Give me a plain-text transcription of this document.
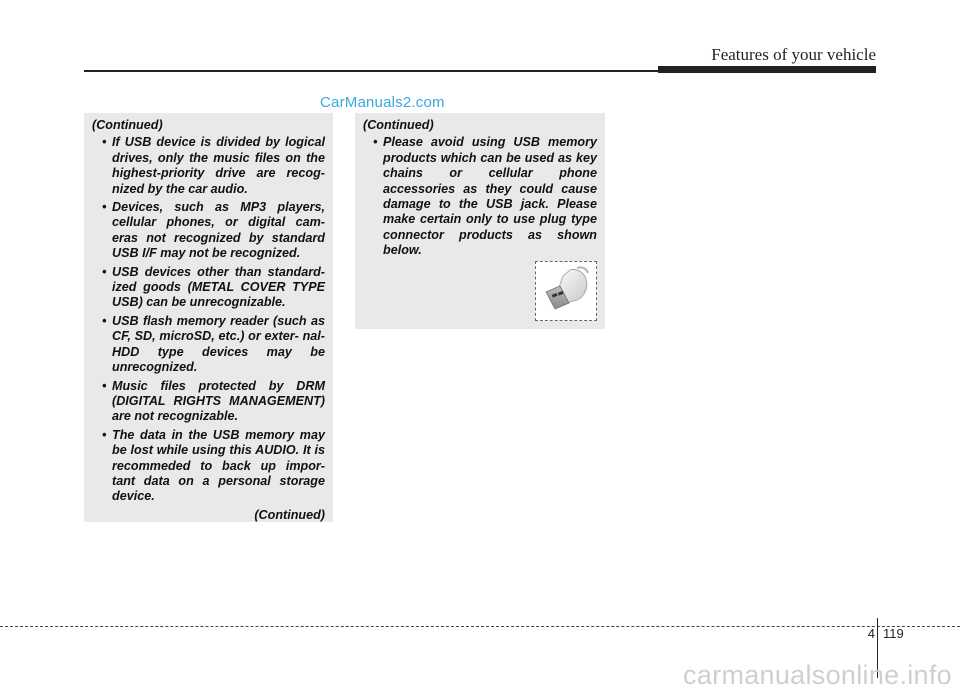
Features of your vehicle
CarManuals2.com
(Continued)
• If USB device is divided by logical drives, only the music files on the highest-priority drive are recog- nized by the car audio.
• Devices, such as MP3 players, cellular phones, or digital cam- eras not recognized by standard USB I/F may not be recognized.
• USB devices other than standard- ized goods (METAL COVER TYPE USB) can be unrecognizable.
• USB flash memory reader (such as CF, SD, microSD, etc.) or exter- nal-HDD type devices may be unrecognized.
• Music files protected by DRM (DIGITAL RIGHTS MANAGEMENT) are not recognizable.
• The data in the USB memory may be lost while using this AUDIO. It is recommeded to back up impor- tant data on a personal storage device.
(Continued)
(Continued)
• Please avoid using USB memory products which can be used as key chains or cellular phone accessories as they could cause damage to the USB jack. Please make certain only to use plug type connector products as shown below.
4 119
carmanualsonline.info
